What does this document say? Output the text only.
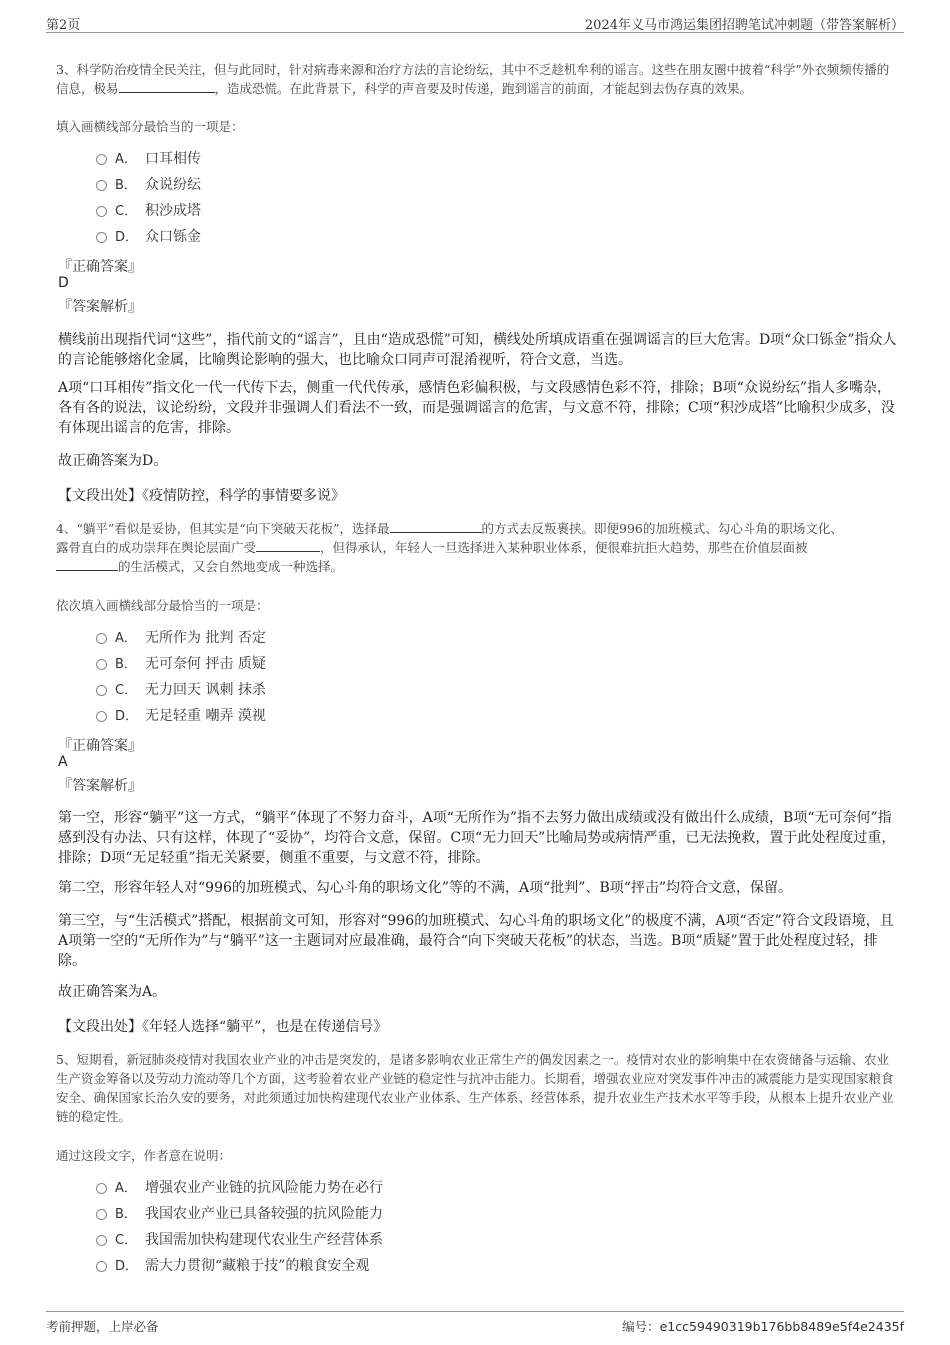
第2页	2024年义马市鸿运集团招聘笔试冲刺题（带答案解析）
3、科学防治疫情全民关注，但与此同时，针对病毒来源和治疗方法的言论纷纭，其中不乏趁机牟利的谣言。这些在朋友圈中披着“科学”外衣频频传播的信息，极易	，造成恐慌。在此背景下，科学的声音要及时传递，跑到谣言的前面，才能起到去伪存真的效果。
填入画横线部分最恰当的一项是：
A． 口耳相传
B． 众说纷纭
C． 积沙成塔
D． 众口铄金
『正确答案』
D
『答案解析』
横线前出现指代词“这些”，指代前文的“谣言”，且由“造成恐慌”可知，横线处所填成语重在强调谣言的巨大危害。D项“众口铄金”指众人的言论能够熔化金属，比喻舆论影响的强大，也比喻众口同声可混淆视听，符合文意，当选。
A项“口耳相传”指文化一代一代传下去，侧重一代代传承，感情色彩偏积极，与文段感情色彩不符，排除；B项“众说纷纭”指人多嘴杂，各有各的说法，议论纷纷，文段并非强调人们看法不一致，而是强调谣言的危害，与文意不符，排除；C项“积沙成塔”比喻积少成多，没有体现出谣言的危害，排除。
故正确答案为D。
【文段出处】《疫情防控，科学的事情要多说》
4、“躺平”看似是妥协，但其实是“向下突破天花板”，选择最	的方式去反叛裹挟。即便996的加班模式、勾心斗角的职场文化、
露骨直白的成功崇拜在舆论层面广受	，但得承认，年轻人一旦选择进入某种职业体系，便很难抗拒大趋势，那些在价值层面被
的生活模式，又会自然地变成一种选择。
依次填入画横线部分最恰当的一项是：
A． 无所作为 批判 否定
B． 无可奈何 抨击 质疑
C． 无力回天 讽刺 抹杀
D． 无足轻重 嘲弄 漠视
『正确答案』
A
『答案解析』
第一空，形容“躺平”这一方式，“躺平”体现了不努力奋斗，A项“无所作为”指不去努力做出成绩或没有做出什么成绩，B项“无可奈何”指感到没有办法、只有这样，体现了“妥协”，均符合文意，保留。C项“无力回天”比喻局势或病情严重，已无法挽救，置于此处程度过重，排除；D项“无足轻重”指无关紧要，侧重不重要，与文意不符，排除。
第二空，形容年轻人对“996的加班模式、勾心斗角的职场文化”等的不满，A项“批判”、B项“抨击”均符合文意，保留。
第三空，与“生活模式”搭配，根据前文可知，形容对“996的加班模式、勾心斗角的职场文化”的极度不满，A项“否定”符合文段语境，且A项第一空的“无所作为”与“躺平”这一主题词对应最准确，最符合“向下突破天花板”的状态，当选。B项“质疑”置于此处程度过轻，排除。
故正确答案为A。
【文段出处】《年轻人选择“躺平”，也是在传递信号》
5、短期看，新冠肺炎疫情对我国农业产业的冲击是突发的，是诸多影响农业正常生产的偶发因素之一。疫情对农业的影响集中在农资储备与运输、农业生产资金筹备以及劳动力流动等几个方面，这考验着农业产业链的稳定性与抗冲击能力。长期看，增强农业应对突发事件冲击的减震能力是实现国家粮食安全、确保国家长治久安的要务，对此须通过加快构建现代农业产业体系、生产体系、经营体系，提升农业生产技术水平等手段，从根本上提升农业产业链的稳定性。
通过这段文字，作者意在说明：
A． 增强农业产业链的抗风险能力势在必行
B． 我国农业产业已具备较强的抗风险能力
C． 我国需加快构建现代农业生产经营体系
D． 需大力贯彻“藏粮于技”的粮食安全观
考前押题，上岸必备	编号：e1cc59490319b176bb8489e5f4e2435f
